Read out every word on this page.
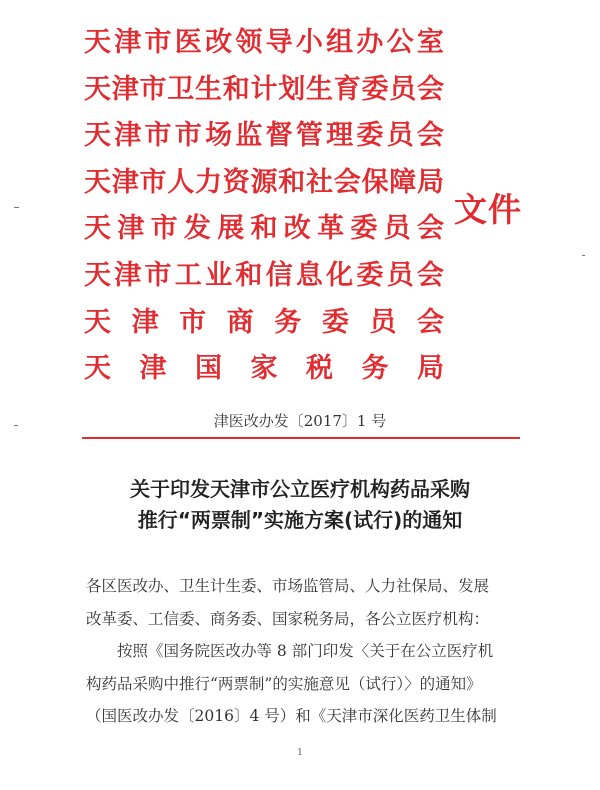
天 津 市 医 改 领 导 小 组 办 公 室
天 津 市 卫 生 和 计 划 生 育 委 员 会
天 津 市 市 场 监 督 管 理 委 员 会
天 津 市 人 力 资 源 和 社 会 保 障 局
天 津 市 发 展 和 改 革 委 员 会
天 津 市 工 业 和 信 息 化 委 员 会
天 津 市 商 务 委 员 会
天 津 国 家 税 务 局
文件
津医改办发〔2017〕1 号
关于印发天津市公立医疗机构药品采购
推行“两票制”实施方案(试行)的通知
各区医改办、卫生计生委、市场监管局、人力社保局、发展
改革委、工信委、商务委、国家税务局，各公立医疗机构：
按照《国务院医改办等 8 部门印发〈关于在公立医疗机
构药品采购中推行“两票制”的实施意见（试行）〉的通知》
（国医改办发〔2016〕4 号）和《天津市深化医药卫生体制
1
